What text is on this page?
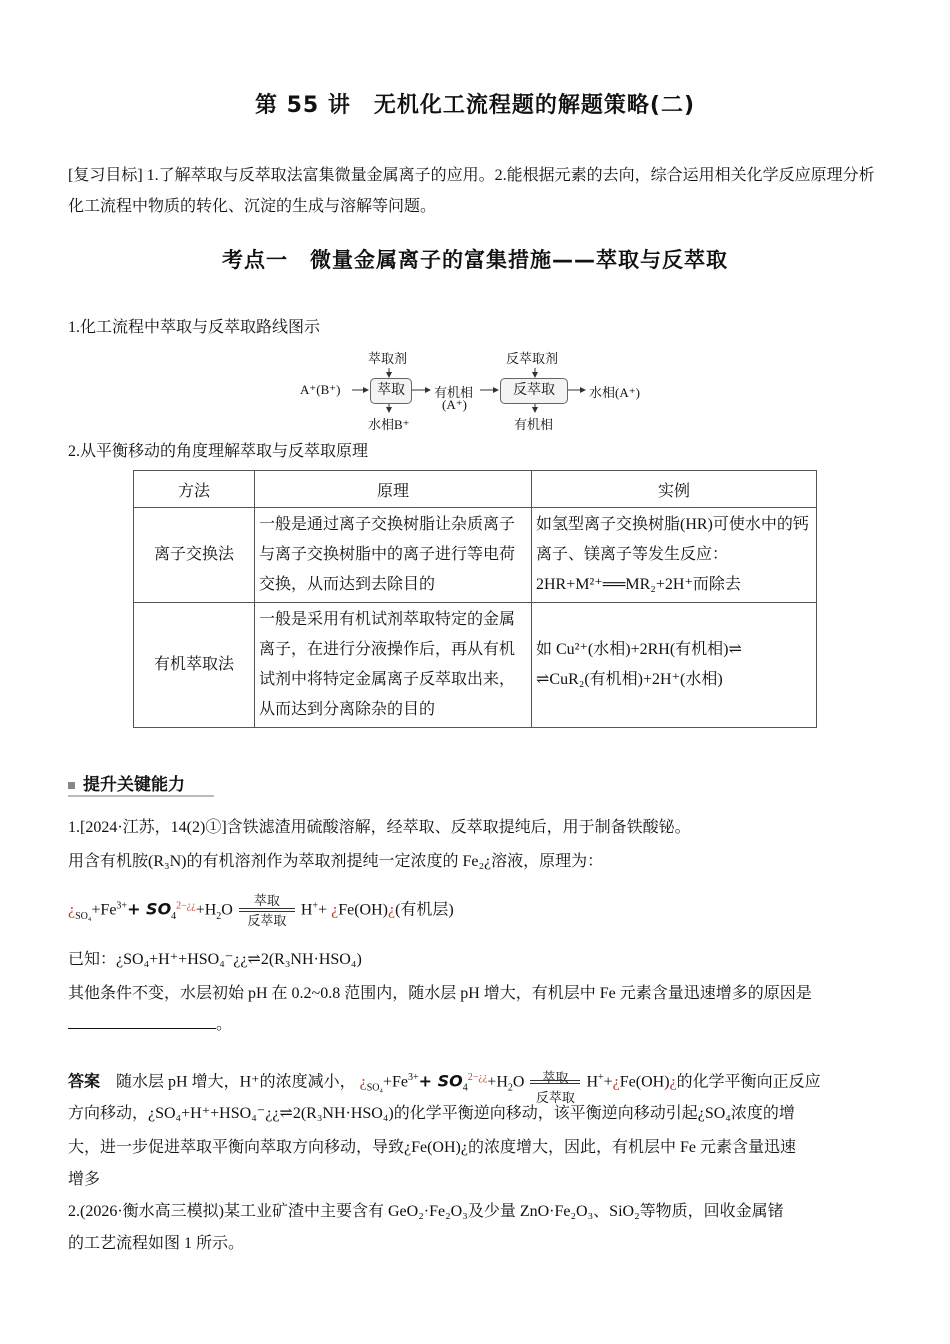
第 55 讲　无机化工流程题的解题策略(二)
[复习目标] 1.了解萃取与反萃取法富集微量金属离子的应用。2.能根据元素的去向，综合运用相关化学反应原理分析化工流程中物质的转化、沉淀的生成与溶解等问题。
考点一　微量金属离子的富集措施——萃取与反萃取
1.化工流程中萃取与反萃取路线图示
A⁺(B⁺)
萃取剂
萃取
水相B⁺
有机相
(A⁺)
反萃取剂
反萃取
有机相
水相(A⁺)
2.从平衡移动的角度理解萃取与反萃取原理
方法	原理	实例
离子交换法	一般是通过离子交换树脂让杂质离子与离子交换树脂中的离子进行等电荷交换，从而达到去除目的	如氢型离子交换树脂(HR)可使水中的钙离子、镁离子等发生反应：
2HR+M²⁺══MR₂+2H⁺而除去

有机萃取法	一般是采用有机试剂萃取特定的金属离子，在进行分液操作后，再从有机试剂中将特定金属离子反萃取出来，从而达到分离除杂的目的	如 Cu²⁺(水相)+2RH(有机相)⇌
⇌CuR₂(有机相)+2H⁺(水相)
提升关键能力
1.[2024·江苏，14(2)①]含铁滤渣用硫酸溶解，经萃取、反萃取提纯后，用于制备铁酸铋。
用含有机胺(R₃N)的有机溶剂作为萃取剂提纯一定浓度的 Fe₂¿溶液，原理为：
¿$_{SO_4}+Fe^{3+}+ SO_4^{2-¿¿}+H_2O$
萃取
反萃取
H++ ¿Fe(OH)¿(有机层)
已知：¿SO₄+H⁺+HSO₄⁻¿¿⇌2(R₃NH·HSO₄)
其他条件不变，水层初始 pH 在 0.2~0.8 范围内，随水层 pH 增大，有机层中 Fe 元素含量迅速增多的原因是。
答案　 随水层 pH 增大，H⁺的浓度减小， ¿$_{SO_4}+Fe^{3+}+ SO_4^{2-¿¿}+H_2O$	萃取
反萃取
H++¿Fe(OH)¿的化学平衡向正反应
方向移动，¿SO₄+H⁺+HSO₄⁻¿¿⇌2(R₃NH·HSO₄)的化学平衡逆向移动，该平衡逆向移动引起¿SO₄浓度的增
大，进一步促进萃取平衡向萃取方向移动，导致¿Fe(OH)¿的浓度增大，因此，有机层中 Fe 元素含量迅速
增多
2.(2026·衡水高三模拟)某工业矿渣中主要含有 GeO₂·Fe₂O₃及少量 ZnO·Fe₂O₃、SiO₂等物质，回收金属锗
的工艺流程如图 1 所示。
